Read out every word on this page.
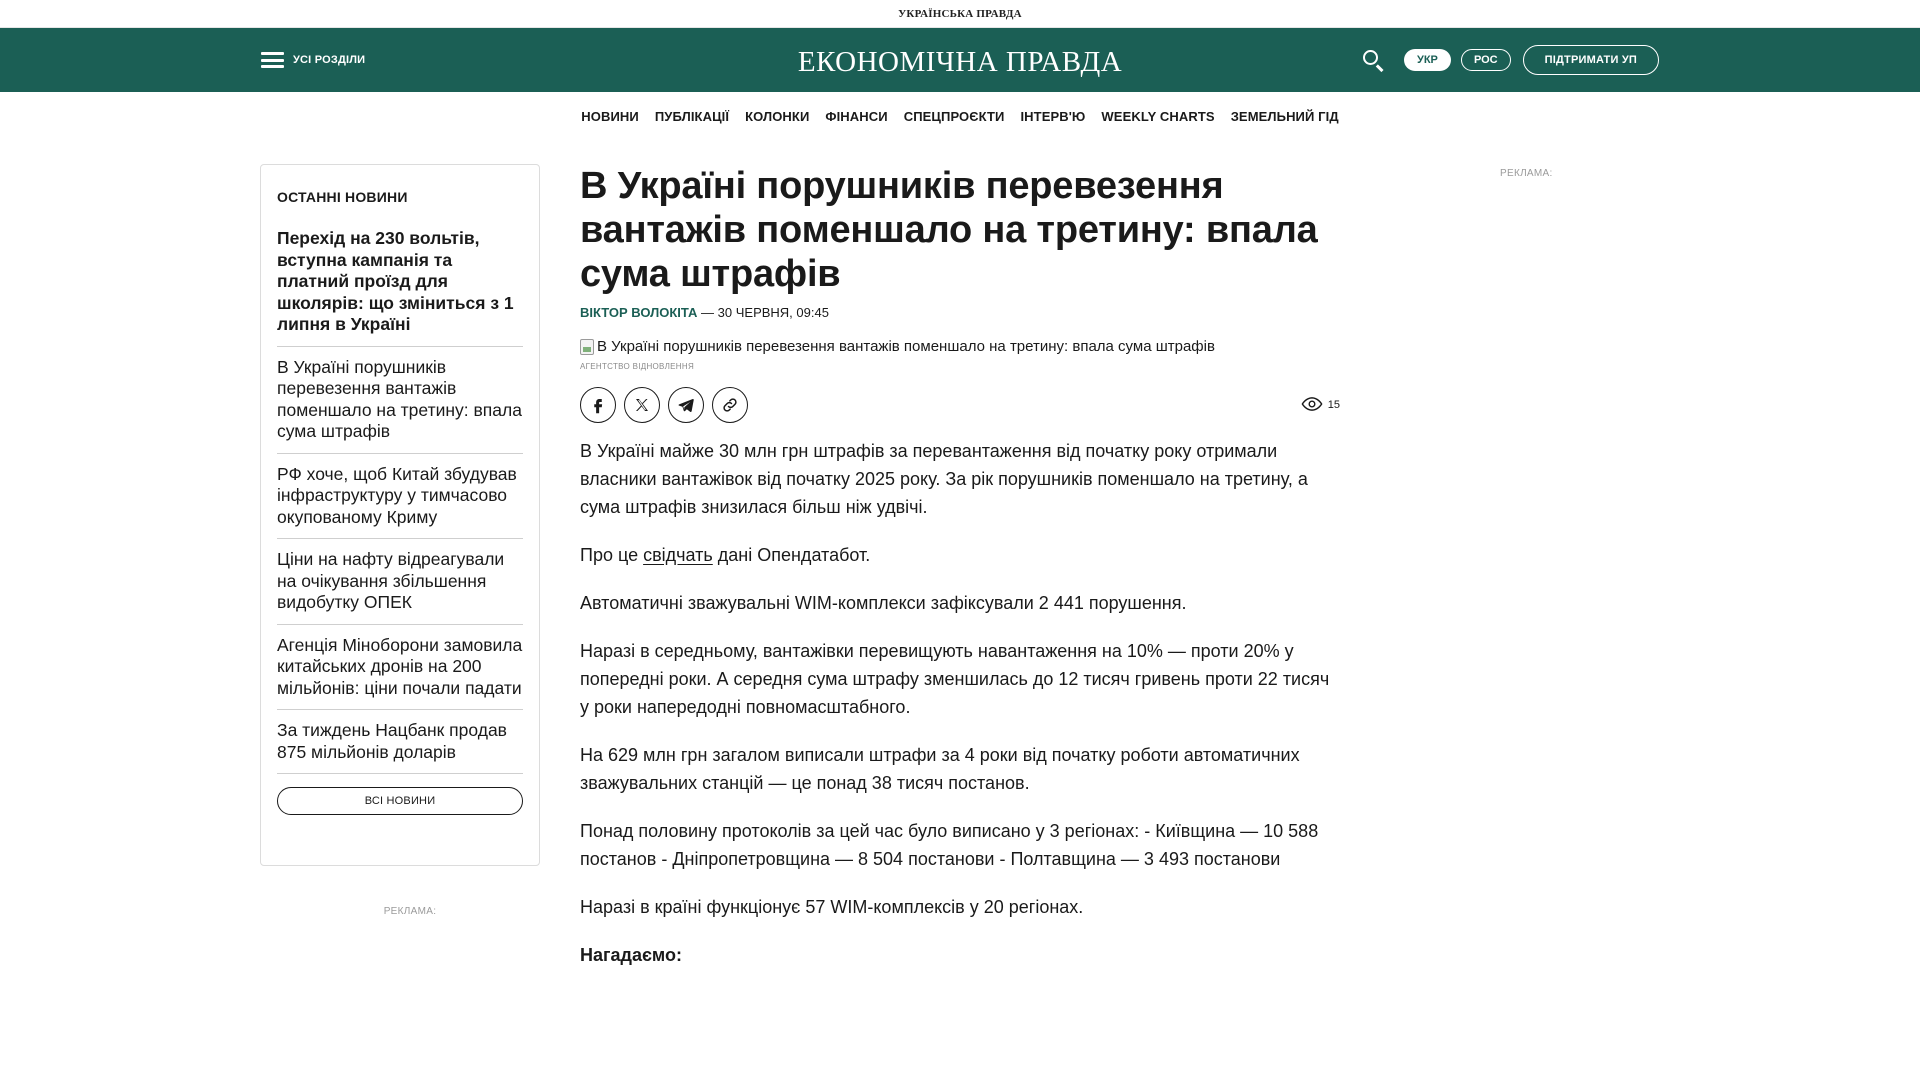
УКРАЇНСЬКА ПРАВДА
УСІ РОЗДІЛИ	ЕКОНОМІЧНА ПРАВДА	УКР	РОС	ПІДТРИМАТИ УП
НОВИНИ ПУБЛІКАЦІЇ КОЛОНКИ ФІНАНСИ СПЕЦПРОЄКТИ ІНТЕРВ'Ю WEEKLY CHARTS ЗЕМЕЛЬНИЙ ГІД
ОСТАННІ НОВИНИ
Перехід на 230 вольтів, вступна кампанія та платний проїзд для школярів: що зміниться з 1 липня в Україні
В Україні порушників перевезення вантажів поменшало на третину: впала сума штрафів
РФ хоче, щоб Китай збудував інфраструктуру у тимчасово окупованому Криму
Ціни на нафту відреагували на очікування збільшення видобутку ОПЕК
Агенція Міноборони замовила китайських дронів на 200 мільйонів: ціни почали падати
За тиждень Нацбанк продав 875 мільйонів доларів
ВСІ НОВИНИ
РЕКЛАМА:
РЕКЛАМА:
В Україні порушників перевезення вантажів поменшало на третину: впала сума штрафів
ВІКТОР ВОЛОКІТА — 30 ЧЕРВНЯ, 09:45
В Україні порушників перевезення вантажів поменшало на третину: впала сума штрафів
АГЕНТСТВО ВІДНОВЛЕННЯ
15

В Україні майже 30 млн грн штрафів за перевантаження від початку року отримали власники вантажівок від початку 2025 року. За рік порушників поменшало на третину, а сума штрафів знизилася більш ніж удвічі.

Про це свідчать дані Опендатабот.

Автоматичні зважувальні WIM-комплекси зафіксували 2 441 порушення.

Наразі в середньому, вантажівки перевищують навантаження на 10% — проти 20% у попередні роки. А середня сума штрафу зменшилась до 12 тисяч гривень проти 22 тисяч у роки напередодні повномасштабного.

На 629 млн грн загалом виписали штрафи за 4 роки від початку роботи автоматичних зважувальних станцій — це понад 38 тисяч постанов.

Понад половину протоколів за цей час було виписано у 3 регіонах: - Київщина — 10 588 постанов - Дніпропетровщина — 8 504 постанови - Полтавщина — 3 493 постанови

Наразі в країні функціонує 57 WIM-комплексів у 20 регіонах.

Нагадаємо:
